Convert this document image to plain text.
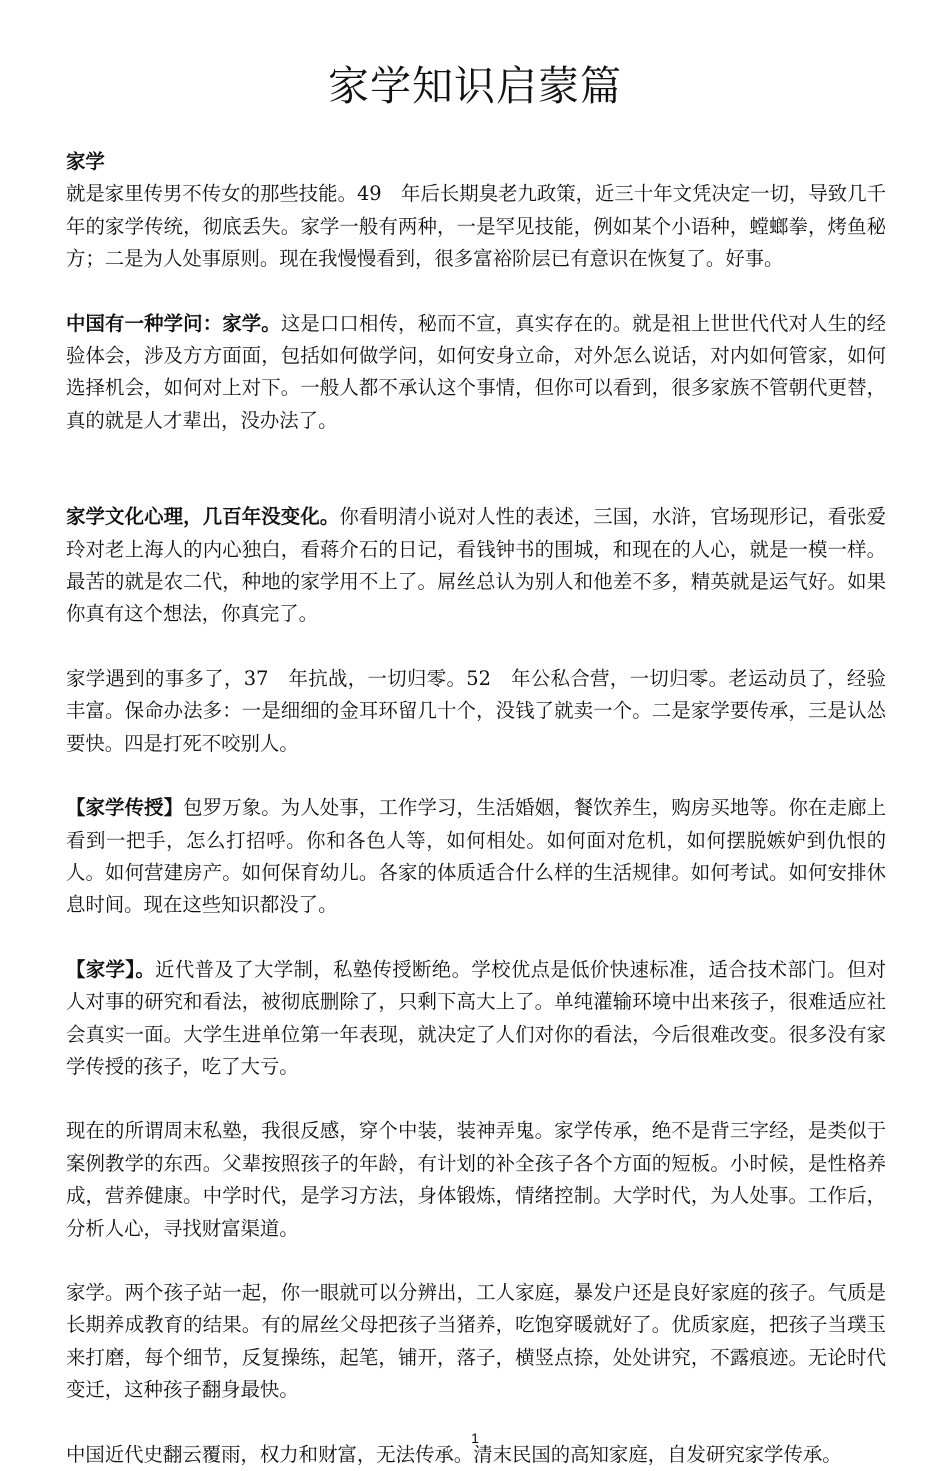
家学知识启蒙篇
家学

就是家里传男不传女的那些技能。49　年后长期臭老九政策，近三十年文凭决定一切，导致几千年的家学传统，彻底丢失。家学一般有两种，一是罕见技能，例如某个小语种，螳螂拳，烤鱼秘方；二是为人处事原则。现在我慢慢看到，很多富裕阶层已有意识在恢复了。好事。

中国有一种学问：家学。这是口口相传，秘而不宣，真实存在的。就是祖上世世代代对人生的经验体会，涉及方方面面，包括如何做学问，如何安身立命，对外怎么说话，对内如何管家，如何选择机会，如何对上对下。一般人都不承认这个事情，但你可以看到，很多家族不管朝代更替，真的就是人才辈出，没办法了。

家学文化心理，几百年没变化。你看明清小说对人性的表述，三国，水浒，官场现形记，看张爱玲对老上海人的内心独白，看蒋介石的日记，看钱钟书的围城，和现在的人心，就是一模一样。最苦的就是农二代，种地的家学用不上了。屌丝总认为别人和他差不多，精英就是运气好。如果你真有这个想法，你真完了。

家学遇到的事多了，37　年抗战，一切归零。52　年公私合营，一切归零。老运动员了，经验丰富。保命办法多：一是细细的金耳环留几十个，没钱了就卖一个。二是家学要传承，三是认怂要快。四是打死不咬别人。

【家学传授】包罗万象。为人处事，工作学习，生活婚姻，餐饮养生，购房买地等。你在走廊上看到一把手，怎么打招呼。你和各色人等，如何相处。如何面对危机，如何摆脱嫉妒到仇恨的人。如何营建房产。如何保育幼儿。各家的体质适合什么样的生活规律。如何考试。如何安排休息时间。现在这些知识都没了。

【家学】。近代普及了大学制，私塾传授断绝。学校优点是低价快速标准，适合技术部门。但对人对事的研究和看法，被彻底删除了，只剩下高大上了。单纯灌输环境中出来孩子，很难适应社会真实一面。大学生进单位第一年表现，就决定了人们对你的看法，今后很难改变。很多没有家学传授的孩子，吃了大亏。

现在的所谓周末私塾，我很反感，穿个中装，装神弄鬼。家学传承，绝不是背三字经，是类似于案例教学的东西。父辈按照孩子的年龄，有计划的补全孩子各个方面的短板。小时候，是性格养成，营养健康。中学时代，是学习方法，身体锻炼，情绪控制。大学时代，为人处事。工作后，分析人心，寻找财富渠道。

家学。两个孩子站一起，你一眼就可以分辨出，工人家庭，暴发户还是良好家庭的孩子。气质是长期养成教育的结果。有的屌丝父母把孩子当猪养，吃饱穿暖就好了。优质家庭，把孩子当璞玉来打磨，每个细节，反复操练，起笔，铺开，落子，横竖点捺，处处讲究，不露痕迹。无论时代变迁，这种孩子翻身最快。

中国近代史翻云覆雨，权力和财富，无法传承。清末民国的高知家庭，自发研究家学传承。

1
